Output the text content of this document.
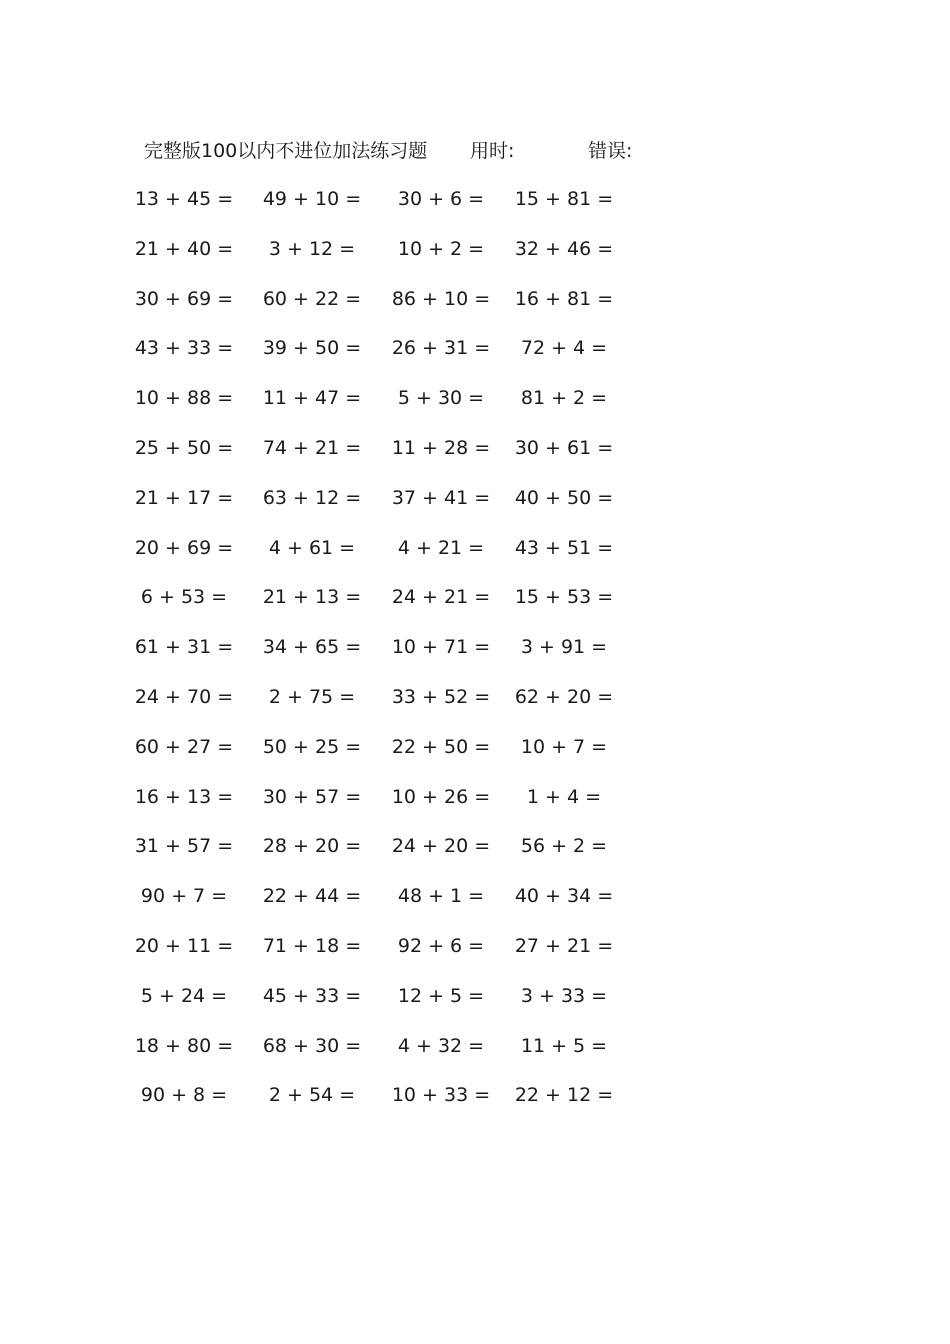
完整版100以内不进位加法练习题 用时:	错误:
13 + 45 =	49 + 10 =	30 + 6 =	15 + 81 =
21 + 40 =	3 + 12 =	10 + 2 =	32 + 46 =
30 + 69 =	60 + 22 =	86 + 10 =	16 + 81 =
43 + 33 =	39 + 50 =	26 + 31 =	72 + 4 =
10 + 88 =	11 + 47 =	5 + 30 =	81 + 2 =
25 + 50 =	74 + 21 =	11 + 28 =	30 + 61 =
21 + 17 =	63 + 12 =	37 + 41 =	40 + 50 =
20 + 69 =	4 + 61 =	4 + 21 =	43 + 51 =
6 + 53 =	21 + 13 =	24 + 21 =	15 + 53 =
61 + 31 =	34 + 65 =	10 + 71 =	3 + 91 =
24 + 70 =	2 + 75 =	33 + 52 =	62 + 20 =
60 + 27 =	50 + 25 =	22 + 50 =	10 + 7 =
16 + 13 =	30 + 57 =	10 + 26 =	1 + 4 =
31 + 57 =	28 + 20 =	24 + 20 =	56 + 2 =
90 + 7 =	22 + 44 =	48 + 1 =	40 + 34 =
20 + 11 =	71 + 18 =	92 + 6 =	27 + 21 =
5 + 24 =	45 + 33 =	12 + 5 =	3 + 33 =
18 + 80 =	68 + 30 =	4 + 32 =	11 + 5 =
90 + 8 =	2 + 54 =	10 + 33 =	22 + 12 =
